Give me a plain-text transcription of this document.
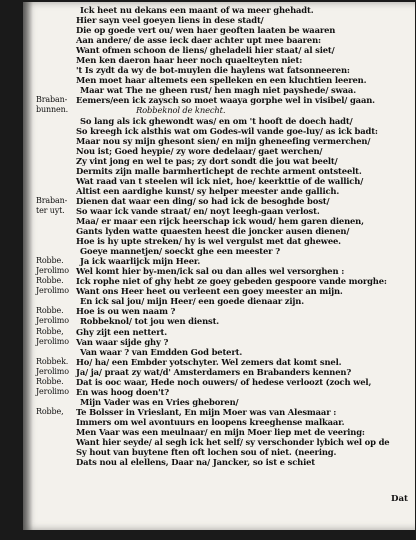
Ick heet nu dekans een maant of wa meer ghehadt.
Hier sayn veel goeyen liens in dese stadt/
Die op goede vert ou/ wen haer geoften laaten be waaren
Aan andere/ de asse ieck daer achter upt mee baaren:
Want ofmen schoon de liens/ gheladeli hier staat/ al siet/
Men ken daeron haar heer noch quaelteyten niet:
't Is zydt da wy de bot-muylen die haylens wat fatsonneeren:
Men moet haar altemets een spelleken en een kluchtien leeren.
Maar wat The ne gheen rust/ hen magh niet payshede/ swaa.
Braban-	Eemers/een ick zaysch so moet waaya gorphe wel in visibel/ gaan.
bunnen.	Robbeknol de knecht.
So lang als ick ghewondt was/ en om 't hooft de doech hadt/
So kreegh ick alsthis wat om Godes-wil vande goe-luy/ as ick badt:
Maar nou sy mijn ghesont sien/ en mijn gheneefing vermerchen/
Nou ist; Goed heypie/ zy wore dedelaar/ gaet werchen/
Zy vint jong en wel te pas; zy dort sondt die jou wat beelt/
Dermits zijn malle barmhertichept de rechte arment ontsteelt.
Wat raad van t steelen wil ick niet, hoe/ keerkttie of de wallich/
Altist een aardighe kunst/ sy helper meester ande gallich.
Braban-	Dienen dat waar een ding/ so had ick de besoghde bost/
ter uyt.	So waar ick vande straat/ en/ noyt leegh-gaan verlost.
Maa/ er maar een rijck heerschap ick woud/ hem garen dienen,
Gants lyden watte quaesten heest die joncker ausen dienen/
Hoe is hy upte streken/ hy is wel vergulst met dat ghewee.
Goeye mannetjen/ soeckt ghe een meester ?
Robbe.	Ja ick waarlijck mijn Heer.
Jerolimo Wel komt hier by-men/ick sal ou dan alles wel versorghen :
Robbe.	Ick rophe niet of ghy hebt ze goey gebeden gespoore vande morghe:
Jerolimo Want ons Heer heet ou verleent een goey meester an mijn.
En ick sal jou/ mijn Heer/ een goede dienaar zijn.
Robbe.	Hoe is ou wen naam ?
Jerolimo	Robbeknol/ tot jou wen dienst.
Robbe,	Ghy zijt een nettert.
Jerolimo Van waar sijde ghy ?
Van waar ? van Emdden God betert.
Robbek. Ho/ ha/ een Embder yotschyter. Wel zemers dat komt snel.
Jerolimo Ja/ ja/ praat zy wat/d' Amsterdamers en Brabanders kennen?
Robbe.	Dat is ooc waar, Hede noch ouwers/ of hedese verloozt (zoch wel,
Jerolimo En was hoog doen't?
Mijn Vader was en Vries gheboren/
Robbe,	Te Bolsser in Vrieslant, En mijn Moer was van Alesmaar :
Immers om wel avontuurs en loopens kreeghense malkaar.
Men Vaar was een meulnaar/ en mijn Moer liep met de veering:
Want hier seyde/ al segh ick het self/ sy verschonder lybich wel op de
Sy hout van buytene ften oft lochen sou of niet. (neering.
Dats nou al elellens, Daar na/ Jancker, so ist e schiet
Dat
